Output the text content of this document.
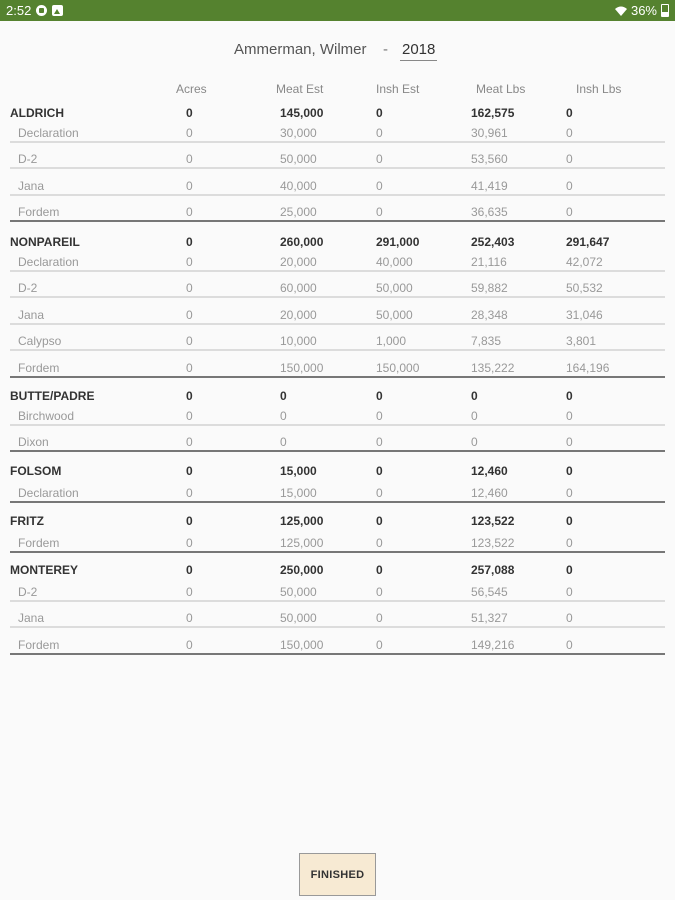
2:52	36%
Ammerman, Wilmer - 2018
Acres	Meat Est	Insh Est	Meat Lbs	Insh Lbs
ALDRICH	0	145,000	0	162,575	0
Declaration	0	30,000	0	30,961	0
D-2	0	50,000	0	53,560	0
Jana	0	40,000	0	41,419	0
Fordem	0	25,000	0	36,635	0
NONPAREIL	0	260,000	291,000	252,403	291,647
Declaration	0	20,000	40,000	21,116	42,072
D-2	0	60,000	50,000	59,882	50,532
Jana	0	20,000	50,000	28,348	31,046
Calypso	0	10,000	1,000	7,835	3,801
Fordem	0	150,000	150,000	135,222	164,196
BUTTE/PADRE	0	0	0	0	0
Birchwood	0	0	0	0	0
Dixon	0	0	0	0	0
FOLSOM	0	15,000	0	12,460	0
Declaration	0	15,000	0	12,460	0
FRITZ	0	125,000	0	123,522	0
Fordem	0	125,000	0	123,522	0
MONTEREY	0	250,000	0	257,088	0
D-2	0	50,000	0	56,545	0
Jana	0	50,000	0	51,327	0
Fordem	0	150,000	0	149,216	0
FINISHED
